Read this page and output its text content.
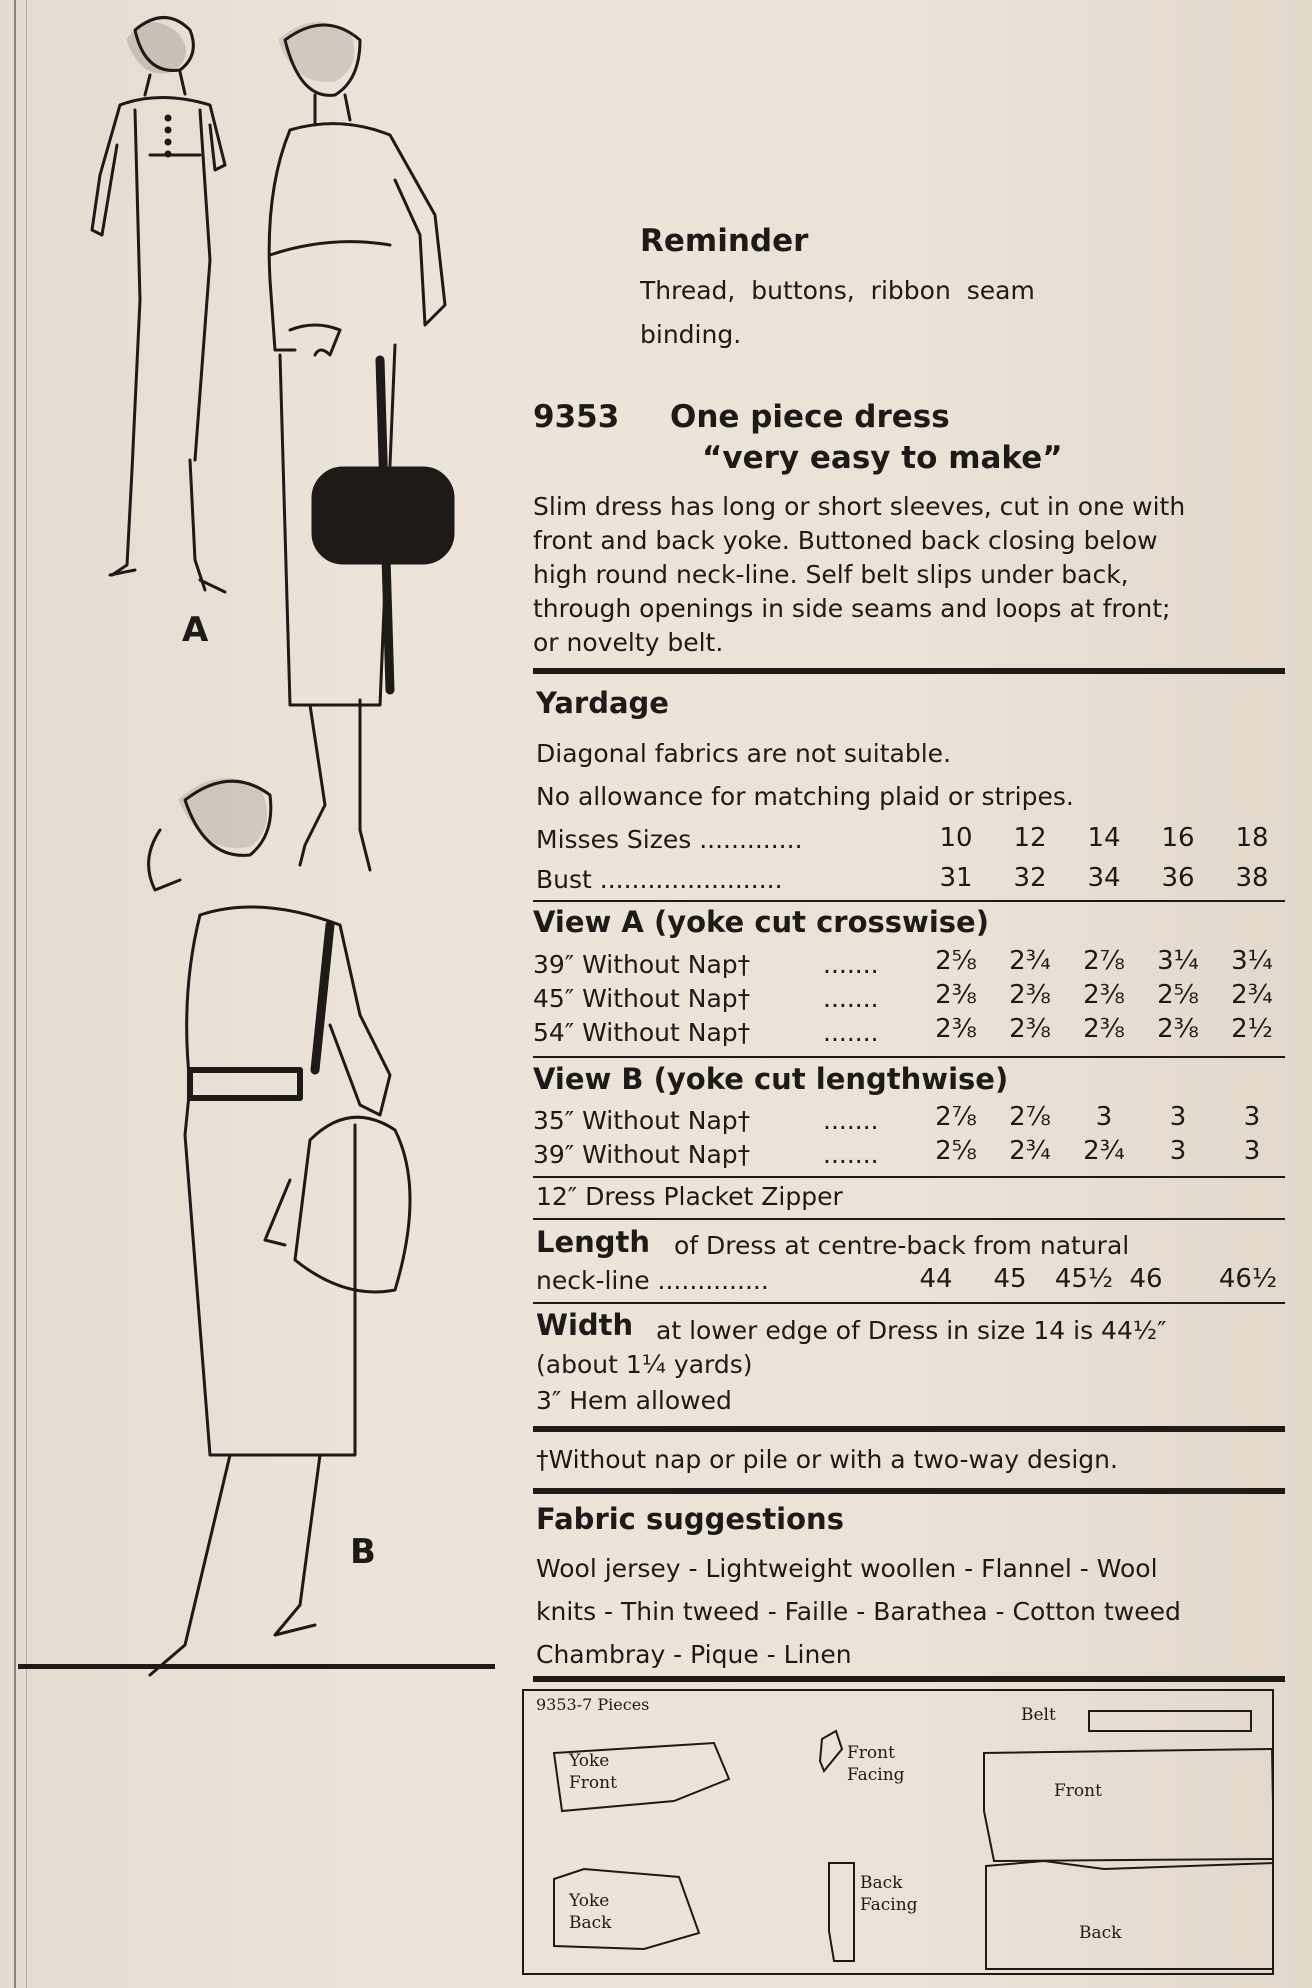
A
B
Reminder
Thread, buttons, ribbon seam
binding.
9353 One piece dress
“very easy to make”
Slim dress has long or short sleeves, cut in one with
front and back yoke. Buttoned back closing below
high round neck-line. Self belt slips under back,
through openings in side seams and loops at front;
or novelty belt.
Yardage
Diagonal fabrics are not suitable.
No allowance for matching plaid or stripes.
Misses Sizes .............	10	12	14	16	18
Bust .......................	31	32	34	36	38
View A (yoke cut crosswise)
39″ Without Nap†	.......	2⅝	2¾	2⅞	3¼	3¼
45″ Without Nap†	.......	2⅜	2⅜	2⅜	2⅝	2¾
54″ Without Nap†	.......	2⅜	2⅜	2⅜	2⅜	2½
View B (yoke cut lengthwise)
35″ Without Nap†	.......	2⅞	2⅞	3	3	3
39″ Without Nap†	.......	2⅝	2¾	2¾	3	3
12″ Dress Placket Zipper
Length of Dress at centre-back from natural
neck-line ..............	44	45	45½ 46	46½
Width at lower edge of Dress in size 14 is 44½″
(about 1¼ yards)
3″ Hem allowed
†Without nap or pile or with a two-way design.
Fabric suggestions
Wool jersey - Lightweight woollen - Flannel - Wool
knits - Thin tweed - Faille - Barathea - Cotton tweed
Chambray - Pique - Linen
9353-7 Pieces
Yoke
Front
Front
Facing
Belt
Front
Yoke
Back
Back
Facing
Back
